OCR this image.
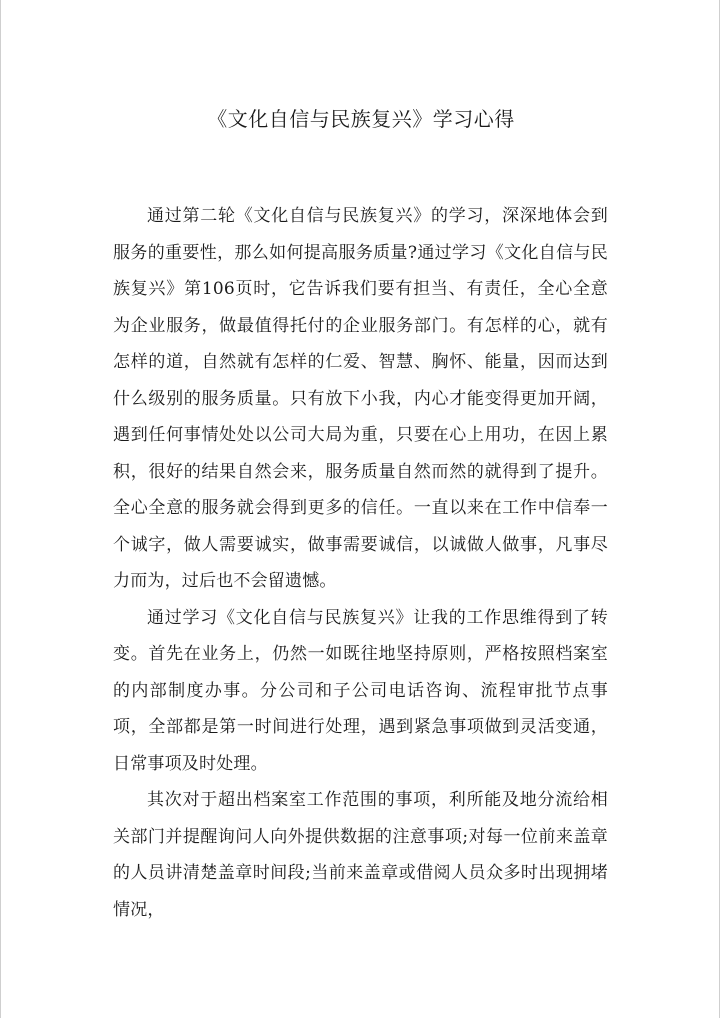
《文化自信与民族复兴》学习心得

通过第二轮《文化自信与民族复兴》的学习，深深地体会到服务的重要性，那么如何提高服务质量?通过学习《文化自信与民族复兴》第106页时，它告诉我们要有担当、有责任，全心全意为企业服务，做最值得托付的企业服务部门。有怎样的心，就有怎样的道，自然就有怎样的仁爱、智慧、胸怀、能量，因而达到什么级别的服务质量。只有放下小我，内心才能变得更加开阔，遇到任何事情处处以公司大局为重，只要在心上用功，在因上累积，很好的结果自然会来，服务质量自然而然的就得到了提升。全心全意的服务就会得到更多的信任。一直以来在工作中信奉一个诚字，做人需要诚实，做事需要诚信，以诚做人做事，凡事尽力而为，过后也不会留遗憾。

通过学习《文化自信与民族复兴》让我的工作思维得到了转变。首先在业务上，仍然一如既往地坚持原则，严格按照档案室的内部制度办事。分公司和子公司电话咨询、流程审批节点事项，全部都是第一时间进行处理，遇到紧急事项做到灵活变通，日常事项及时处理。

其次对于超出档案室工作范围的事项，利所能及地分流给相关部门并提醒询问人向外提供数据的注意事项;对每一位前来盖章的人员讲清楚盖章时间段;当前来盖章或借阅人员众多时出现拥堵情况，
